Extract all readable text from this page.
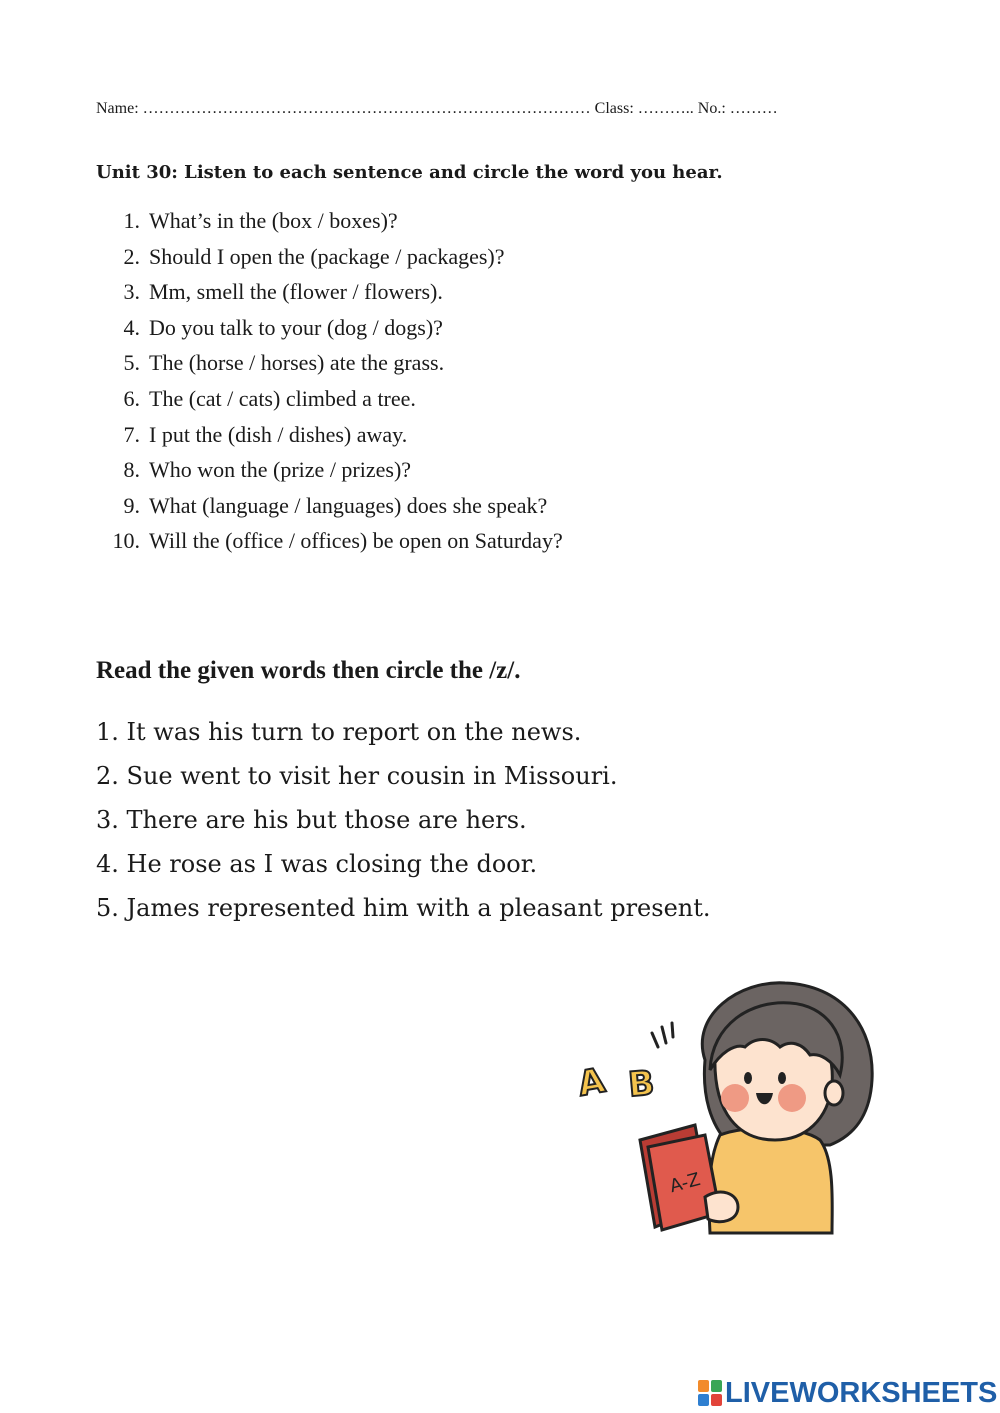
Name: ………………………………………………………………………… Class: ……….. No.: ………
Unit 30: Listen to each sentence and circle the word you hear.
1. What’s in the (box / boxes)?
2. Should I open the (package / packages)?
3. Mm, smell the (flower / flowers).
4. Do you talk to your (dog / dogs)?
5. The (horse / horses) ate the grass.
6. The (cat / cats) climbed a tree.
7. I put the (dish / dishes) away.
8. Who won the (prize / prizes)?
9. What (language / languages) does she speak?
10. Will the (office / offices) be open on Saturday?
Read the given words then circle the /z/.
1. It was his turn to report on the news.
2. Sue went to visit her cousin in Missouri.
3. There are his but those are hers.
4. He rose as I was closing the door.
5. James represented him with a pleasant present.
A-Z
A B
LIVEWORKSHEETS
